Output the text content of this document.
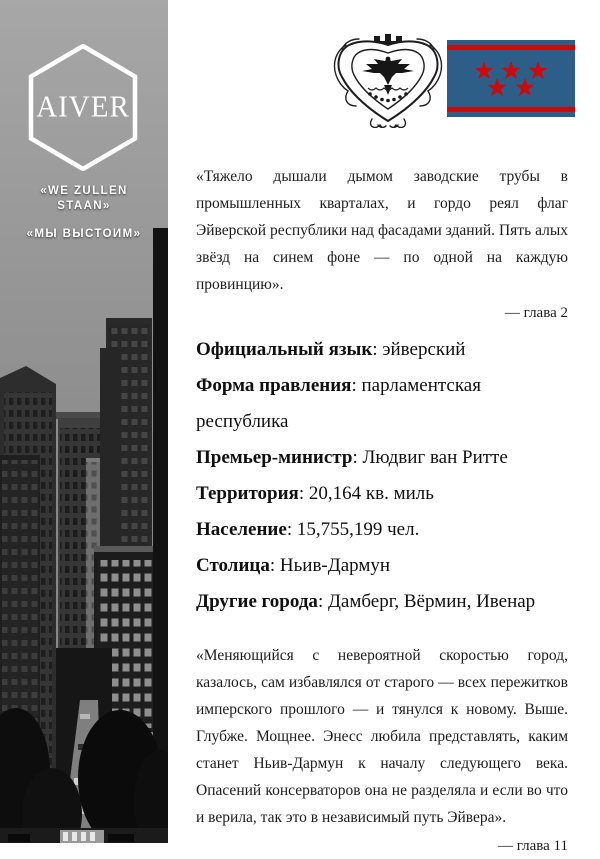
AIVER
«WE ZULLEN
STAAN»
«МЫ ВЫСТОИМ»

«Тяжело дышали дымом заводские трубы в промышленных кварталах, и гордо реял флаг Эйверской республики над фасадами зданий. Пять алых звёзд на синем фоне — по одной на каждую провинцию».

— глава 2
Официальный язык: эйверский
Форма правления: парламентская республика
Премьер-министр: Людвиг ван Ритте
Территория: 20,164 кв. миль
Население: 15,755,199 чел.
Столица: Ньив-Дармун
Другие города: Дамберг, Вёрмин, Ивенар

«Меняющийся с невероятной скоростью город, казалось, сам избавлялся от старого — всех пережитков имперского прошлого — и тянулся к новому. Выше. Глубже. Мощнее. Энесс любила представлять, каким станет Ньив-Дармун к началу следующего века. Опасений консерваторов она не разделяла и если во что и верила, так это в независимый путь Эйвера».

— глава 11
